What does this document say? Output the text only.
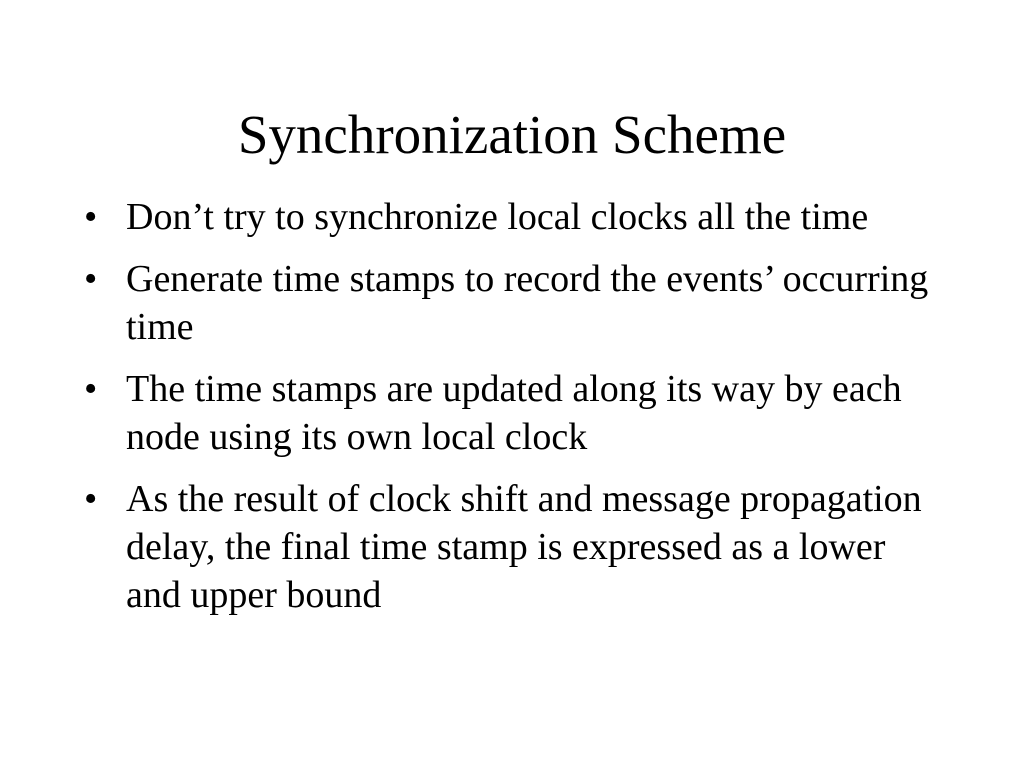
Synchronization Scheme
• Don’t try to synchronize local clocks all the time
• Generate time stamps to record the events’ occurring time
• The time stamps are updated along its way by each node using its own local clock
• As the result of clock shift and message propagation delay, the final time stamp is expressed as a lower and upper bound
